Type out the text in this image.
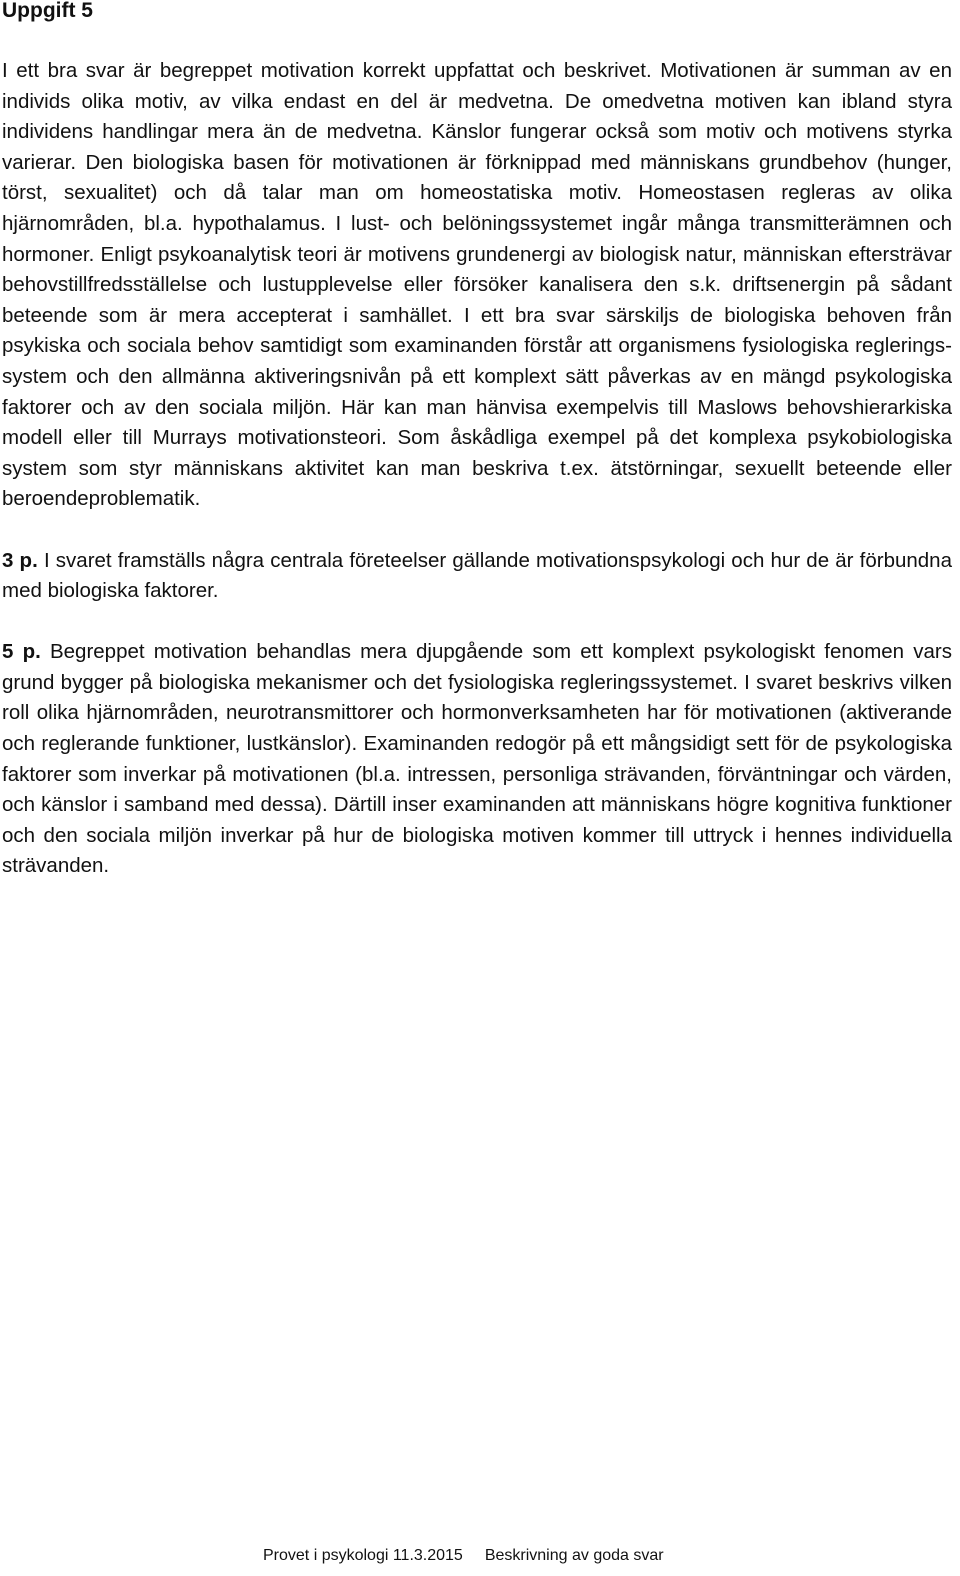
Uppgift 5

I ett bra svar är begreppet motivation korrekt uppfattat och beskrivet. Motivationen är summan av en individs olika motiv, av vilka endast en del är medvetna. De omedvetna motiven kan ibland styra individens handlingar mera än de medvetna. Känslor fungerar också som motiv och motivens styrka varierar. Den biologiska basen för motivationen är förknippad med människans grundbehov (hunger, törst, sexualitet) och då talar man om homeostatiska motiv. Homeostasen regleras av olika hjärnområden, bl.a. hypothalamus. I lust- och belöningssystemet ingår många transmitterämnen och hormoner. Enligt psykoanalytisk teori är motivens grundenergi av biologisk natur, människan eftersträvar behovstillfredsställelse och lustupplevelse eller försöker kanalisera den s.k. driftsenergin på sådant beteende som är mera accepterat i samhället. I ett bra svar särskiljs de biologiska behoven från psykiska och sociala behov samtidigt som examinanden förstår att organismens fysiologiska regleringssystem och den allmänna aktiveringsnivån på ett komplext sätt påverkas av en mängd psykologiska faktorer och av den sociala miljön. Här kan man hänvisa exempelvis till Maslows behovshierarkiska modell eller till Murrays motivationsteori. Som åskådliga exempel på det komplexa psykobiologiska system som styr människans aktivitet kan man beskriva t.ex. ätstörningar, sexuellt beteende eller beroendeproblematik.

3 p. I svaret framställs några centrala företeelser gällande motivationspsykologi och hur de är förbundna med biologiska faktorer.

5 p. Begreppet motivation behandlas mera djupgående som ett komplext psykologiskt fenomen vars grund bygger på biologiska mekanismer och det fysiologiska regleringssystemet. I svaret beskrivs vilken roll olika hjärnområden, neurotransmittorer och hormonverksamheten har för motivationen (aktiverande och reglerande funktioner, lustkänslor). Examinanden redogör på ett mångsidigt sett för de psykologiska faktorer som inverkar på motivationen (bl.a. intressen, personliga strävanden, förväntningar och värden, och känslor i samband med dessa). Därtill inser examinanden att människans högre kognitiva funktioner och den sociala miljön inverkar på hur de biologiska motiven kommer till uttryck i hennes individuella strävanden.

Provet i psykologi 11.3.2015 Beskrivning av goda svar
